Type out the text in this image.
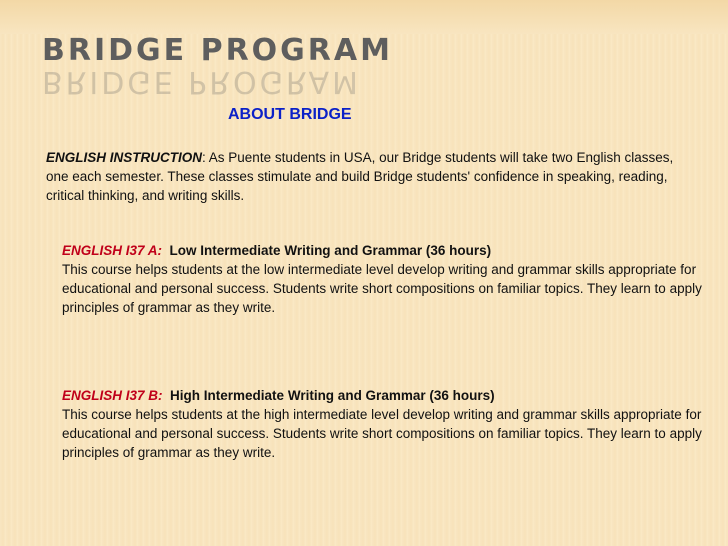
BRIDGE PROGRAM
BRIDGE PROGRAM
ABOUT BRIDGE
ENGLISH INSTRUCTION: As Puente students in USA, our Bridge students will take two English classes, one each semester. These classes stimulate and build Bridge students' confidence in speaking, reading, critical thinking, and writing skills.
ENGLISH I37 A: Low Intermediate Writing and Grammar (36 hours)
This course helps students at the low intermediate level develop writing and grammar skills appropriate for educational and personal success. Students write short compositions on familiar topics. They learn to apply principles of grammar as they write.
ENGLISH I37 B: High Intermediate Writing and Grammar (36 hours)
This course helps students at the high intermediate level develop writing and grammar skills appropriate for educational and personal success. Students write short compositions on familiar topics. They learn to apply principles of grammar as they write.
